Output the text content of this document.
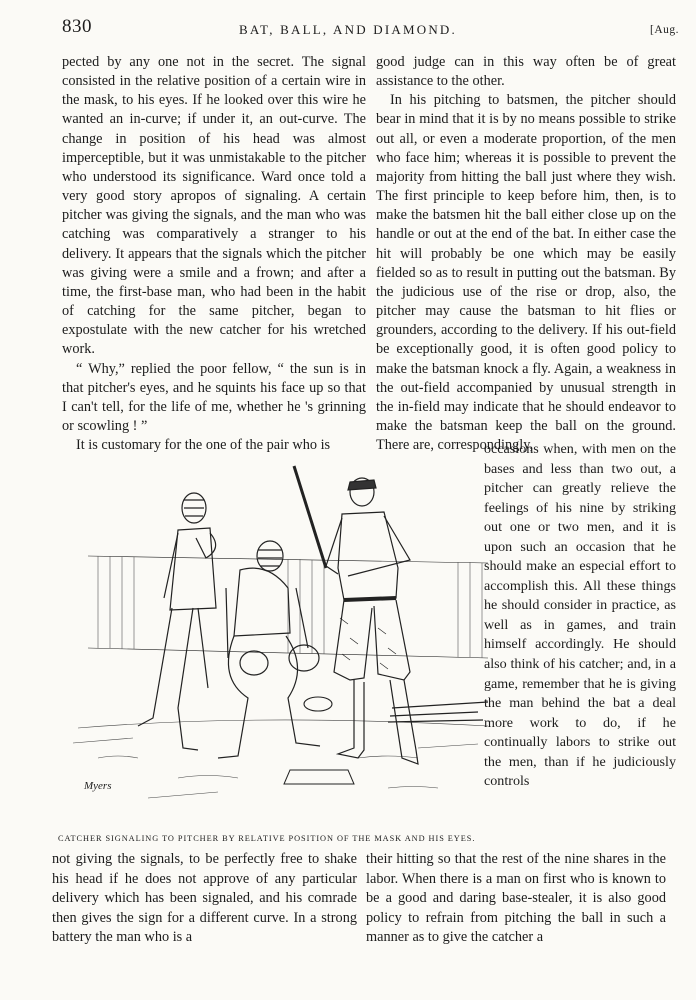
830	BAT, BALL, AND DIAMOND.	[Aug.

pected by any one not in the secret. The signal consisted in the relative position of a certain wire in the mask, to his eyes. If he looked over this wire he wanted an in-curve; if under it, an out-curve. The change in position of his head was almost imperceptible, but it was unmistakable to the pitcher who understood its significance. Ward once told a very good story apropos of signaling. A certain pitcher was giving the signals, and the man who was catching was comparatively a stranger to his delivery. It appears that the signals which the pitcher was giving were a smile and a frown; and after a time, the first-base man, who had been in the habit of catching for the same pitcher, began to expostulate with the new catcher for his wretched work.

“ Why,” replied the poor fellow, “ the sun is in that pitcher's eyes, and he squints his face up so that I can't tell, for the life of me, whether he 's grinning or scowling ! ”

It is customary for the one of the pair who is

good judge can in this way often be of great assistance to the other.

In his pitching to batsmen, the pitcher should bear in mind that it is by no means possible to strike out all, or even a moderate proportion, of the men who face him; whereas it is possible to prevent the majority from hitting the ball just where they wish. The first principle to keep before him, then, is to make the batsmen hit the ball either close up on the handle or out at the end of the bat. In either case the hit will probably be one which may be easily fielded so as to result in putting out the batsman. By the judicious use of the rise or drop, also, the pitcher may cause the batsman to hit flies or grounders, according to the delivery. If his out-field be exceptionally good, it is often good policy to make the batsman knock a fly. Again, a weakness in the out-field accompanied by unusual strength in the in-field may indicate that he should endeavor to make the batsman keep the ball on the ground. There are, correspondingly,

occasions when, with men on the bases and less than two out, a pitcher can greatly relieve the feelings of his nine by striking out one or two men, and it is upon such an occasion that he should make an especial effort to accomplish this. All these things he should consider in practice, as well as in games, and train himself accordingly. He should also think of his catcher; and, in a game, remember that he is giving the man behind the bat a deal more work to do, if he continually labors to strike out the men, than if he judiciously controls

Myers
CATCHER SIGNALING TO PITCHER BY RELATIVE POSITION OF THE MASK AND HIS EYES.

not giving the signals, to be perfectly free to shake his head if he does not approve of any particular delivery which has been signaled, and his comrade then gives the sign for a different curve. In a strong battery the man who is a

their hitting so that the rest of the nine shares in the labor. When there is a man on first who is known to be a good and daring base-stealer, it is also good policy to refrain from pitching the ball in such a manner as to give the catcher a
